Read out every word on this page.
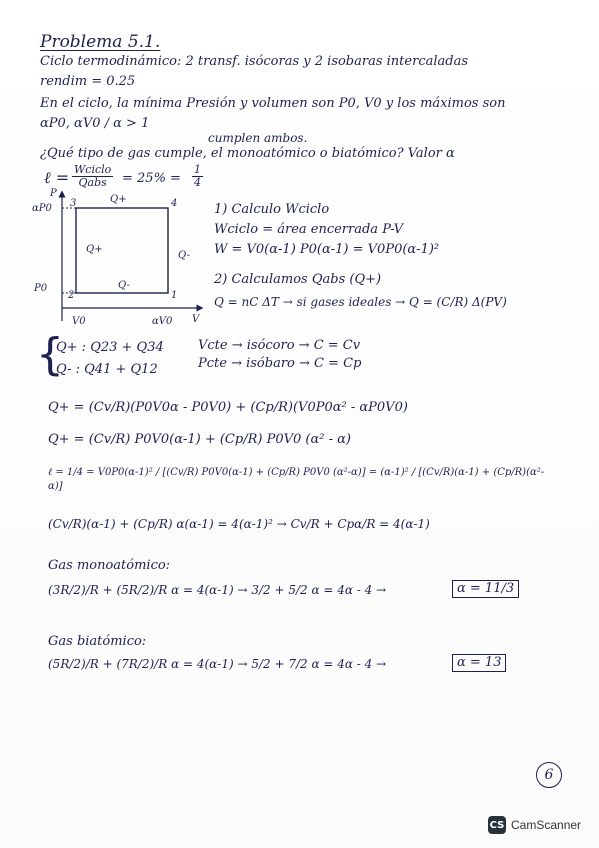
Problema 5.1.
Ciclo termodinámico: 2 transf. isócoras y 2 isobaras intercaladas
rendim = 0.25
En el ciclo, la mínima Presión y volumen son P0, V0 y los máximos son
αP0, αV0 / α > 1
cumplen ambos.
¿Qué tipo de gas cumple, el monoatómico o biatómico? Valor α
ℓ = Wciclo
Qabs = $25\% = \frac{1}{4}$
P
αP0
P0
V0	αV0 V
1
2
3	4
Q+
Q+
Q-
Q-
1) Calculo Wciclo
Wciclo = área encerrada P-V
W = V0(α-1) P0(α-1) = V0P0(α-1)²
2) Calculamos Qabs (Q+)
Q = nC ΔT → si gases ideales → Q = (C/R) Δ(PV)
{
Q+ : Q23 + Q34
Q- : Q41 + Q12
Vcte → isócoro → C = Cv
Pcte → isóbaro → C = Cp
Q+ = (Cv/R)(P0V0α - P0V0) + (Cp/R)(V0P0α² - αP0V0)
Q+ = (Cv/R) P0V0(α-1) + (Cp/R) P0V0 (α² - α)
ℓ = 1/4 = V0P0(α-1)² / [(Cv/R) P0V0(α-1) + (Cp/R) P0V0 (α²-α)] = (α-1)² / [(Cv/R)(α-1) + (Cp/R)(α²-α)]
(Cv/R)(α-1) + (Cp/R) α(α-1) = 4(α-1)² → Cv/R + Cpα/R = 4(α-1)
Gas monoatómico:
(3R/2)/R + (5R/2)/R α = 4(α-1) → 3/2 + 5/2 α = 4α - 4 →	α = 11/3
Gas biatómico:
(5R/2)/R + (7R/2)/R α = 4(α-1) → 5/2 + 7/2 α = 4α - 4 →	α = 13
6
CS CamScanner
